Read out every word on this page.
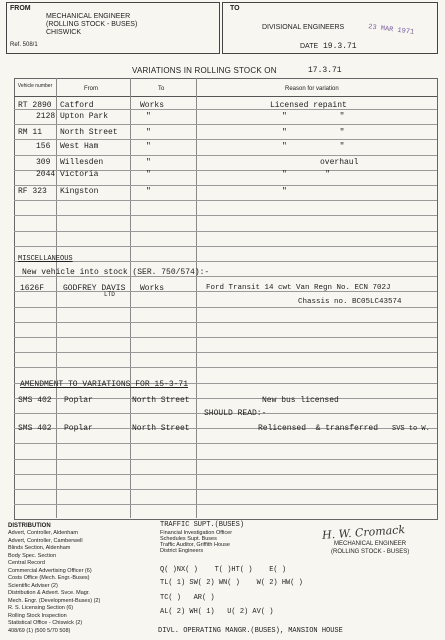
FROM
MECHANICAL ENGINEER
(ROLLING STOCK - BUSES)
CHISWICK
Ref. 508/1
TO
DIVISIONAL ENGINEERS
DATE 19.3.71
23 MAR 1971
VARIATIONS IN ROLLING STOCK ON	17.3.71
Vehicle number	From	To	Reason for variation
RT 2890 Catford	Works	Licensed repaint
2128 Upton Park	"	"           "
RM 11 North Street	"	"           "
156 West Ham	"	"           "
309 Willesden	"	overhaul
2044 Victoria	"	"        "
RF 323 Kingston	"	"
MISCELLANEOUS
New vehicle into stock (SER. 750/574):-
1626F GODFREY DAVIS
LTD
Works	Ford Transit 14 cwt Van Regn No. ECN 702J
Chassis no. BC05LC43574
AMENDMENT TO VARIATIONS FOR 15-3-71
SMS 402 Poplar	North Street	New bus licensed
SHOULD READ:-
SMS 402 Poplar	North Street	Relicensed  & transferred SVS to W.
DISTRIBUTION
Advert, Controller, Aldenham
Advert, Controller, Camberwell
Blinds Section, Aldenham
Body Spec. Section
Central Record
Commercial Advertising Officer (6)
Costs Office (Mech. Engr.-Buses)
Scientific Adviser (2)
Distribution & Advert. Svce. Magr.
Mech. Engr. (Development-Buses) (2)
R. S. Licensing Section (6)
Rolling Stock Inspection
Statistical Office - Chiswick (2)
408/69 (1) (500 5/70 508)
TRAFFIC SUPT.(BUSES)
Financial Investigation Officer
Schedules Supt. Buses
Traffic Auditor, Griffith House
District Engineers
Q( )NX( )    T( )HT( )    E( )
TL( 1) SW( 2) WN( )    W( 2) HW( )
TC( )   AR( )
AL( 2) WH( 1)   U( 2) AV( )
DIVL. OPERATING MANGR.(BUSES), MANSION HOUSE
H. W. Cromack
MECHANICAL ENGINEER
(ROLLING STOCK - BUSES)
